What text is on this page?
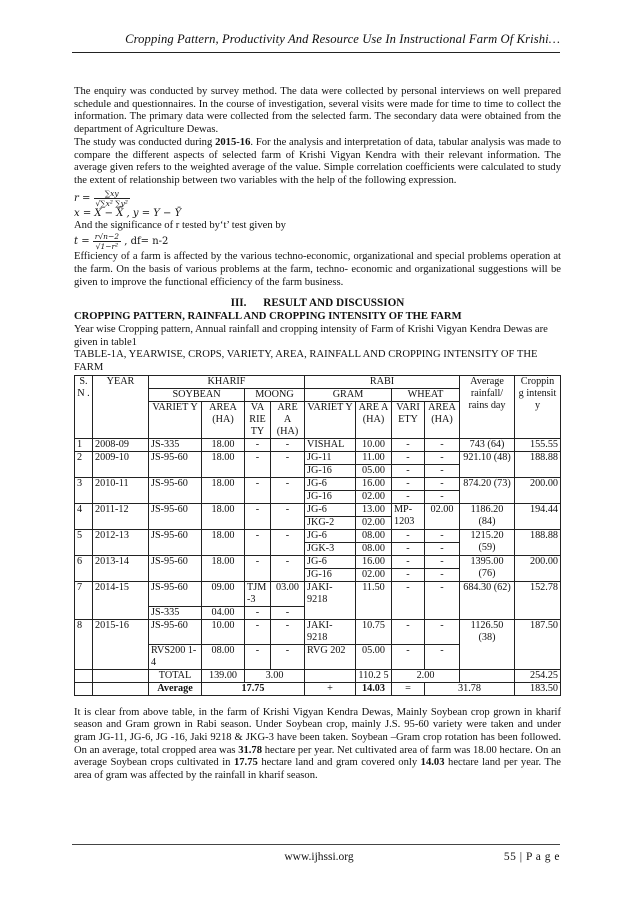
Cropping Pattern, Productivity And Resource Use In Instructional Farm Of Krishi…

The enquiry was conducted by survey method. The data were collected by personal interviews on well prepared schedule and questionnaires. In the course of investigation, several visits were made for time to time to collect the information. The primary data were collected from the selected farm. The secondary data were obtained from the department of Agriculture Dewas.

The study was conducted during 2015-16. For the analysis and interpretation of data, tabular analysis was made to compare the different aspects of selected farm of Krishi Vigyan Kendra with their relevant information. The average given refers to the weighted average of the value. Simple correlation coefficients were calculated to study the extent of relationship between two variables with the help of the following expression.

$r = \frac{\sum xy}{\text{√∑x² ∑y²}}$
x = X − X̄ , y = Y − Ȳ

And the significance of r tested by‘t’ test given by

$t = \frac{r√n-2}{\text{√1−r²}}$ , df= n-2

Efficiency of a farm is affected by the various techno-economic, organizational and special problems operation at the farm. On the basis of various problems at the farm, techno- economic and organizational suggestions will be given to improve the functional efficiency of the farm business.

III. RESULT AND DISCUSSION
CROPPING PATTERN, RAINFALL AND CROPPING INTENSITY OF THE FARM

Year wise Cropping pattern, Annual rainfall and cropping intensity of Farm of Krishi Vigyan Kendra Dewas are given in table1

TABLE-1A, YEARWISE, CROPS, VARIETY, AREA, RAINFALL AND CROPPING INTENSITY OF THE FARM

S. N .	YEAR	KHARIF				RABI				Average rainfall/ rains day	Croppin g intensit y
		SOYBEAN		MOONG		GRAM		WHEAT			
		VARIET Y	AREA (HA)	VA RIE TY	ARE A (HA)	VARIET Y	ARE A (HA)	VARI ETY	AREA (HA)		
1	2008-09	JS-335	18.00	-	-	VISHAL	10.00	-	-	743 (64)	155.55
2	2009-10	JS-95-60	18.00	-	-	JG-11	11.00	-	-	921.10 (48)	188.88
						JG-16	05.00	-	-		
3	2010-11	JS-95-60	18.00	-	-	JG-6	16.00	-	-	874.20 (73)	200.00
						JG-16	02.00	-	-		
4	2011-12	JS-95-60	18.00	-	-	JG-6	13.00	MP- 1203	02.00	1186.20 (84)	194.44
						JKG-2	02.00				
5	2012-13	JS-95-60	18.00	-	-	JG-6	08.00	-	-	1215.20 (59)	188.88
						JGK-3	08.00	-	-		
6	2013-14	JS-95-60	18.00	-	-	JG-6	16.00	-	-	1395.00 (76)	200.00
						JG-16	02.00	-	-		
7	2014-15	JS-95-60	09.00	TJM -3	03.00	JAKI- 9218	11.50	-	-	684.30 (62)	152.78
		JS-335	04.00	-	-						
8	2015-16	JS-95-60	10.00	-	-	JAKI- 9218	10.75	-	-	1126.50 (38)	187.50
		RVS200 1-4	08.00	-	-	RVG 202	05.00	-	-		
		TOTAL	139.00	3.00			110.2 5	2.00			254.25
		Average	17.75			+	14.03	=	31.78		183.50

It is clear from above table, in the farm of Krishi Vigyan Kendra Dewas, Mainly Soybean crop grown in kharif season and Gram grown in Rabi season. Under Soybean crop, mainly J.S. 95-60 variety were taken and under gram JG-11, JG-6, JG -16, Jaki 9218 & JKG-3 have been taken. Soybean –Gram crop rotation has been followed. On an average, total cropped area was 31.78 hectare per year. Net cultivated area of farm was 18.00 hectare. On an average Soybean crops cultivated in 17.75 hectare land and gram covered only 14.03 hectare land per year. The area of gram was affected by the rainfall in kharif season.

www.ijhssi.org	55 | P a g e
